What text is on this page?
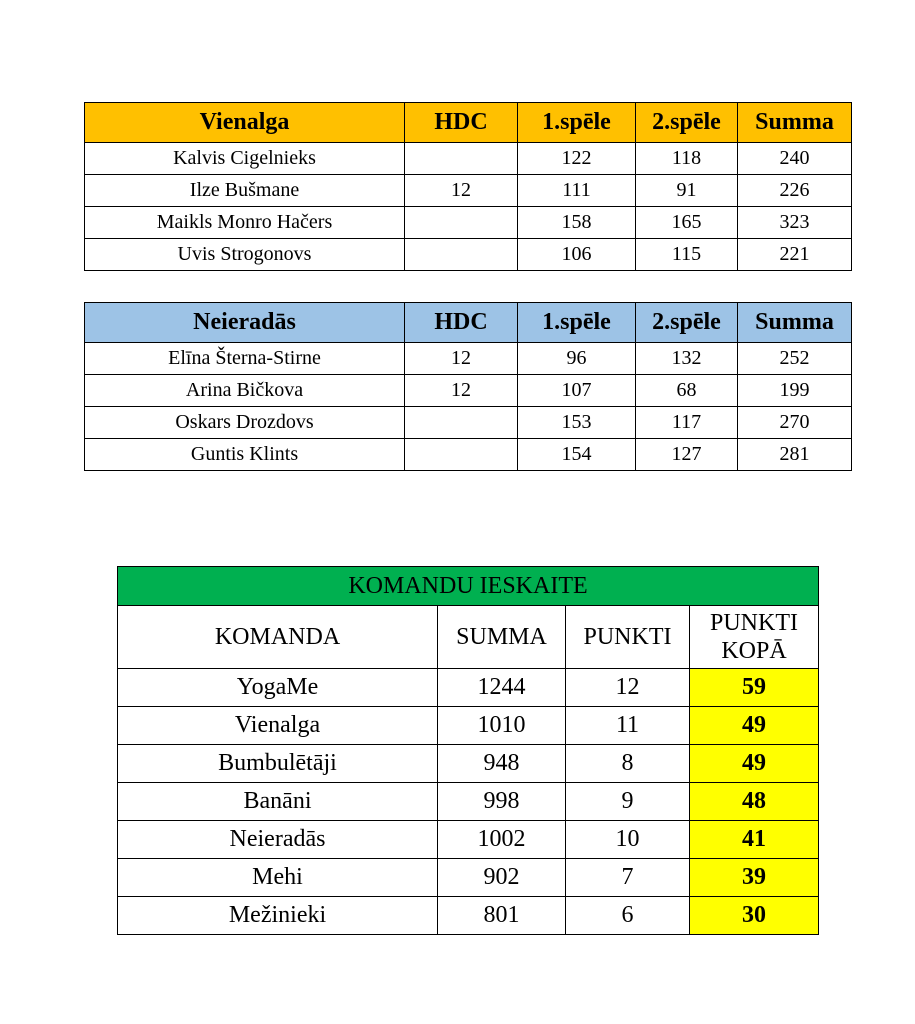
Vienalga	HDC	1.spēle	2.spēle	Summa
Kalvis Cigelnieks		122	118	240
Ilze Bušmane	12	111	91	226
Maikls Monro Hačers		158	165	323
Uvis Strogonovs		106	115	221
Neieradās	HDC	1.spēle	2.spēle	Summa
Elīna Šterna-Stirne	12	96	132	252
Arina Bičkova	12	107	68	199
Oskars Drozdovs		153	117	270
Guntis Klints		154	127	281
KOMANDU IESKAITE			
KOMANDA	SUMMA	PUNKTI	PUNKTI KOPĀ
YogaMe	1244	12	59
Vienalga	1010	11	49
Bumbulētāji	948	8	49
Banāni	998	9	48
Neieradās	1002	10	41
Mehi	902	7	39
Mežinieki	801	6	30
